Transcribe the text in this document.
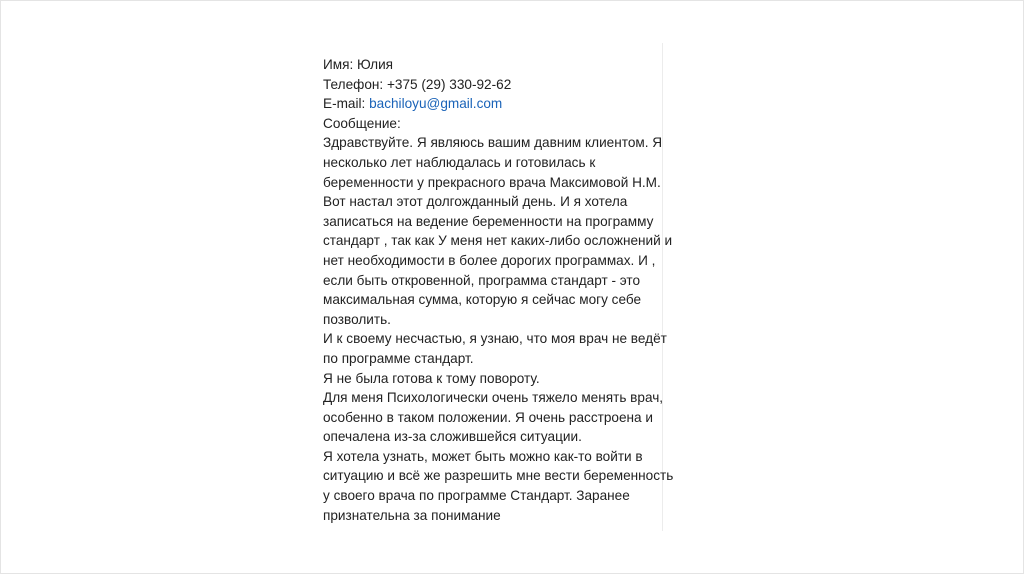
Имя: Юлия
Телефон: +375 (29) 330-92-62
E-mail: bachiloyu@gmail.com
Сообщение:
Здравствуйте. Я являюсь вашим давним клиентом. Я
несколько лет наблюдалась и готовилась к
беременности у прекрасного врача Максимовой Н.М.
Вот настал этот долгожданный день. И я хотела
записаться на ведение беременности на программу
стандарт , так как У меня нет каких-либо осложнений и
нет необходимости в более дорогих программах. И ,
если быть откровенной, программа стандарт - это
максимальная сумма, которую я сейчас могу себе
позволить.
И к своему несчастью, я узнаю, что моя врач не ведёт
по программе стандарт.
Я не была готова к тому повороту.
Для меня Психологически очень тяжело менять врач,
особенно в таком положении. Я очень расстроена и
опечалена из-за сложившейся ситуации.
Я хотела узнать, может быть можно как-то войти в
ситуацию и всё же разрешить мне вести беременность
у своего врача по программе Стандарт. Заранее
признательна за понимание
